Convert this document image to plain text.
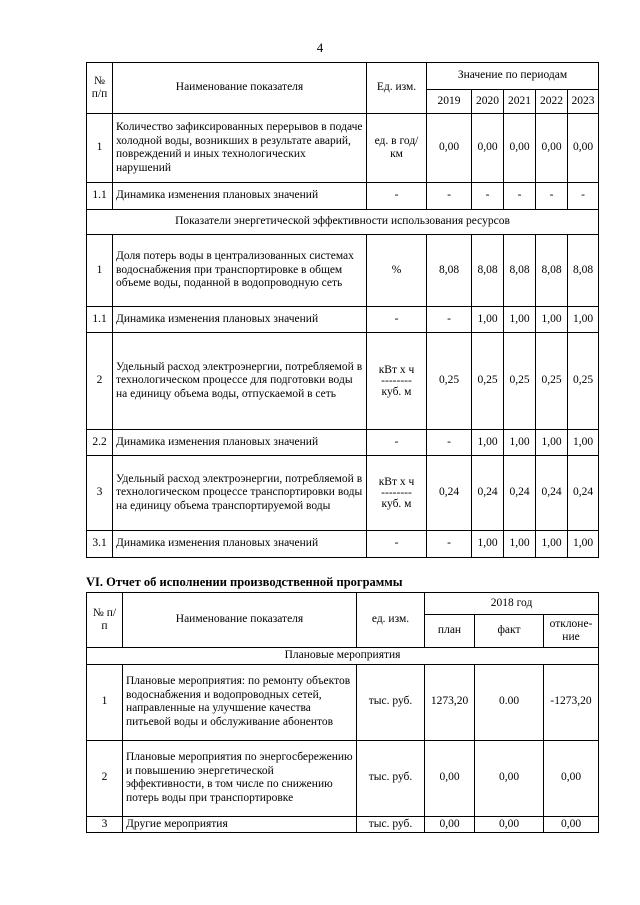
4
№ п/п	Наименование показателя	Ед. изм.	Значение по периодам				
			2019	2020	2021	2022	2023
1	Количество зафиксированных перерывов в подаче холодной воды, возникших в результате аварий, повреждений и иных технологических нарушений	ед. в год/км	0,00	0,00	0,00	0,00	0,00
1.1	Динамика изменения плановых значений	-	-	-	-	-	-
Показатели энергетической эффективности использования ресурсов							
1	Доля потерь воды в централизованных системах водоснабжения при транспортировке в общем объеме воды, поданной в водопроводную сеть	%	8,08	8,08	8,08	8,08	8,08
1.1	Динамика изменения плановых значений	-	-	1,00	1,00	1,00	1,00
2	Удельный расход электроэнергии, потребляемой в технологическом процессе для подготовки воды на единицу объема воды, отпускаемой в сеть	кВт х ч
--------
куб. м	0,25	0,25	0,25	0,25	0,25
2.2	Динамика изменения плановых значений	-	-	1,00	1,00	1,00	1,00
3	Удельный расход электроэнергии, потребляемой в технологическом процессе транспортировки воды на единицу объема транспортируемой воды	кВт х ч
--------
куб. м	0,24	0,24	0,24	0,24	0,24
3.1	Динамика изменения плановых значений	-	-	1,00	1,00	1,00	1,00
VI. Отчет об исполнении производственной программы
№ п/п	Наименование показателя	ед. изм.	2018 год		
			план	факт	отклоне-ние
Плановые мероприятия					
1	Плановые мероприятия: по ремонту объектов водоснабжения и водопроводных сетей, направленные на улучшение качества питьевой воды и обслуживание абонентов	тыс. руб.	1273,20	0.00	-1273,20
2	Плановые мероприятия по энергосбережению и повышению энергетической эффективности, в том числе по снижению потерь воды при транспортировке	тыс. руб.	0,00	0,00	0,00
3	Другие мероприятия	тыс. руб.	0,00	0,00	0,00
